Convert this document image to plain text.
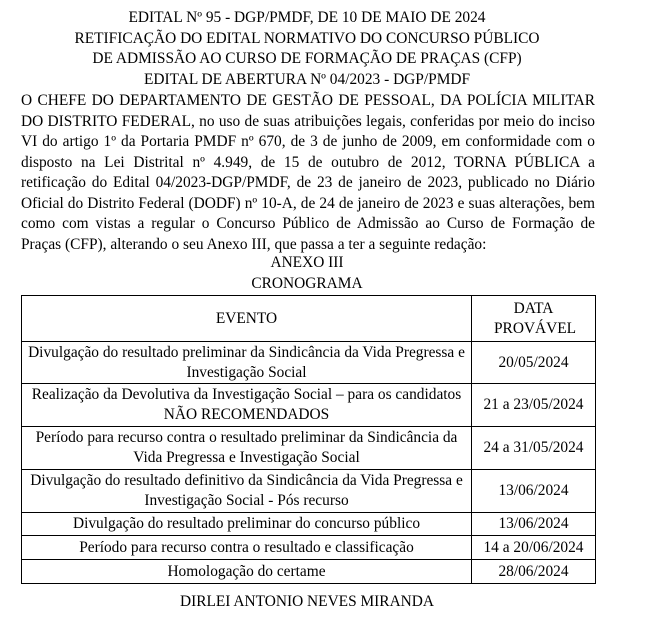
EDITAL Nº 95 - DGP/PMDF, DE 10 DE MAIO DE 2024
RETIFICAÇÃO DO EDITAL NORMATIVO DO CONCURSO PÚBLICO
DE ADMISSÃO AO CURSO DE FORMAÇÃO DE PRAÇAS (CFP)
EDITAL DE ABERTURA Nº 04/2023 - DGP/PMDF

O CHEFE DO DEPARTAMENTO DE GESTÃO DE PESSOAL, DA POLÍCIA MILITAR DO DISTRITO FEDERAL, no uso de suas atribuições legais, conferidas por meio do inciso VI do artigo 1º da Portaria PMDF nº 670, de 3 de junho de 2009, em conformidade com o disposto na Lei Distrital nº 4.949, de 15 de outubro de 2012, TORNA PÚBLICA a retificação do Edital 04/2023-DGP/PMDF, de 23 de janeiro de 2023, publicado no Diário Oficial do Distrito Federal (DODF) nº 10-A, de 24 de janeiro de 2023 e suas alterações, bem como com vistas a regular o Concurso Público de Admissão ao Curso de Formação de Praças (CFP), alterando o seu Anexo III, que passa a ter a seguinte redação:

ANEXO III
CRONOGRAMA
EVENTO	DATA PROVÁVEL
Divulgação do resultado preliminar da Sindicância da Vida Pregressa e Investigação Social	20/05/2024
Realização da Devolutiva da Investigação Social – para os candidatos NÃO RECOMENDADOS	21 a 23/05/2024
Período para recurso contra o resultado preliminar da Sindicância da Vida Pregressa e Investigação Social	24 a 31/05/2024
Divulgação do resultado definitivo da Sindicância da Vida Pregressa e Investigação Social - Pós recurso	13/06/2024
Divulgação do resultado preliminar do concurso público	13/06/2024
Período para recurso contra o resultado e classificação	14 a 20/06/2024
Homologação do certame	28/06/2024
DIRLEI ANTONIO NEVES MIRANDA
